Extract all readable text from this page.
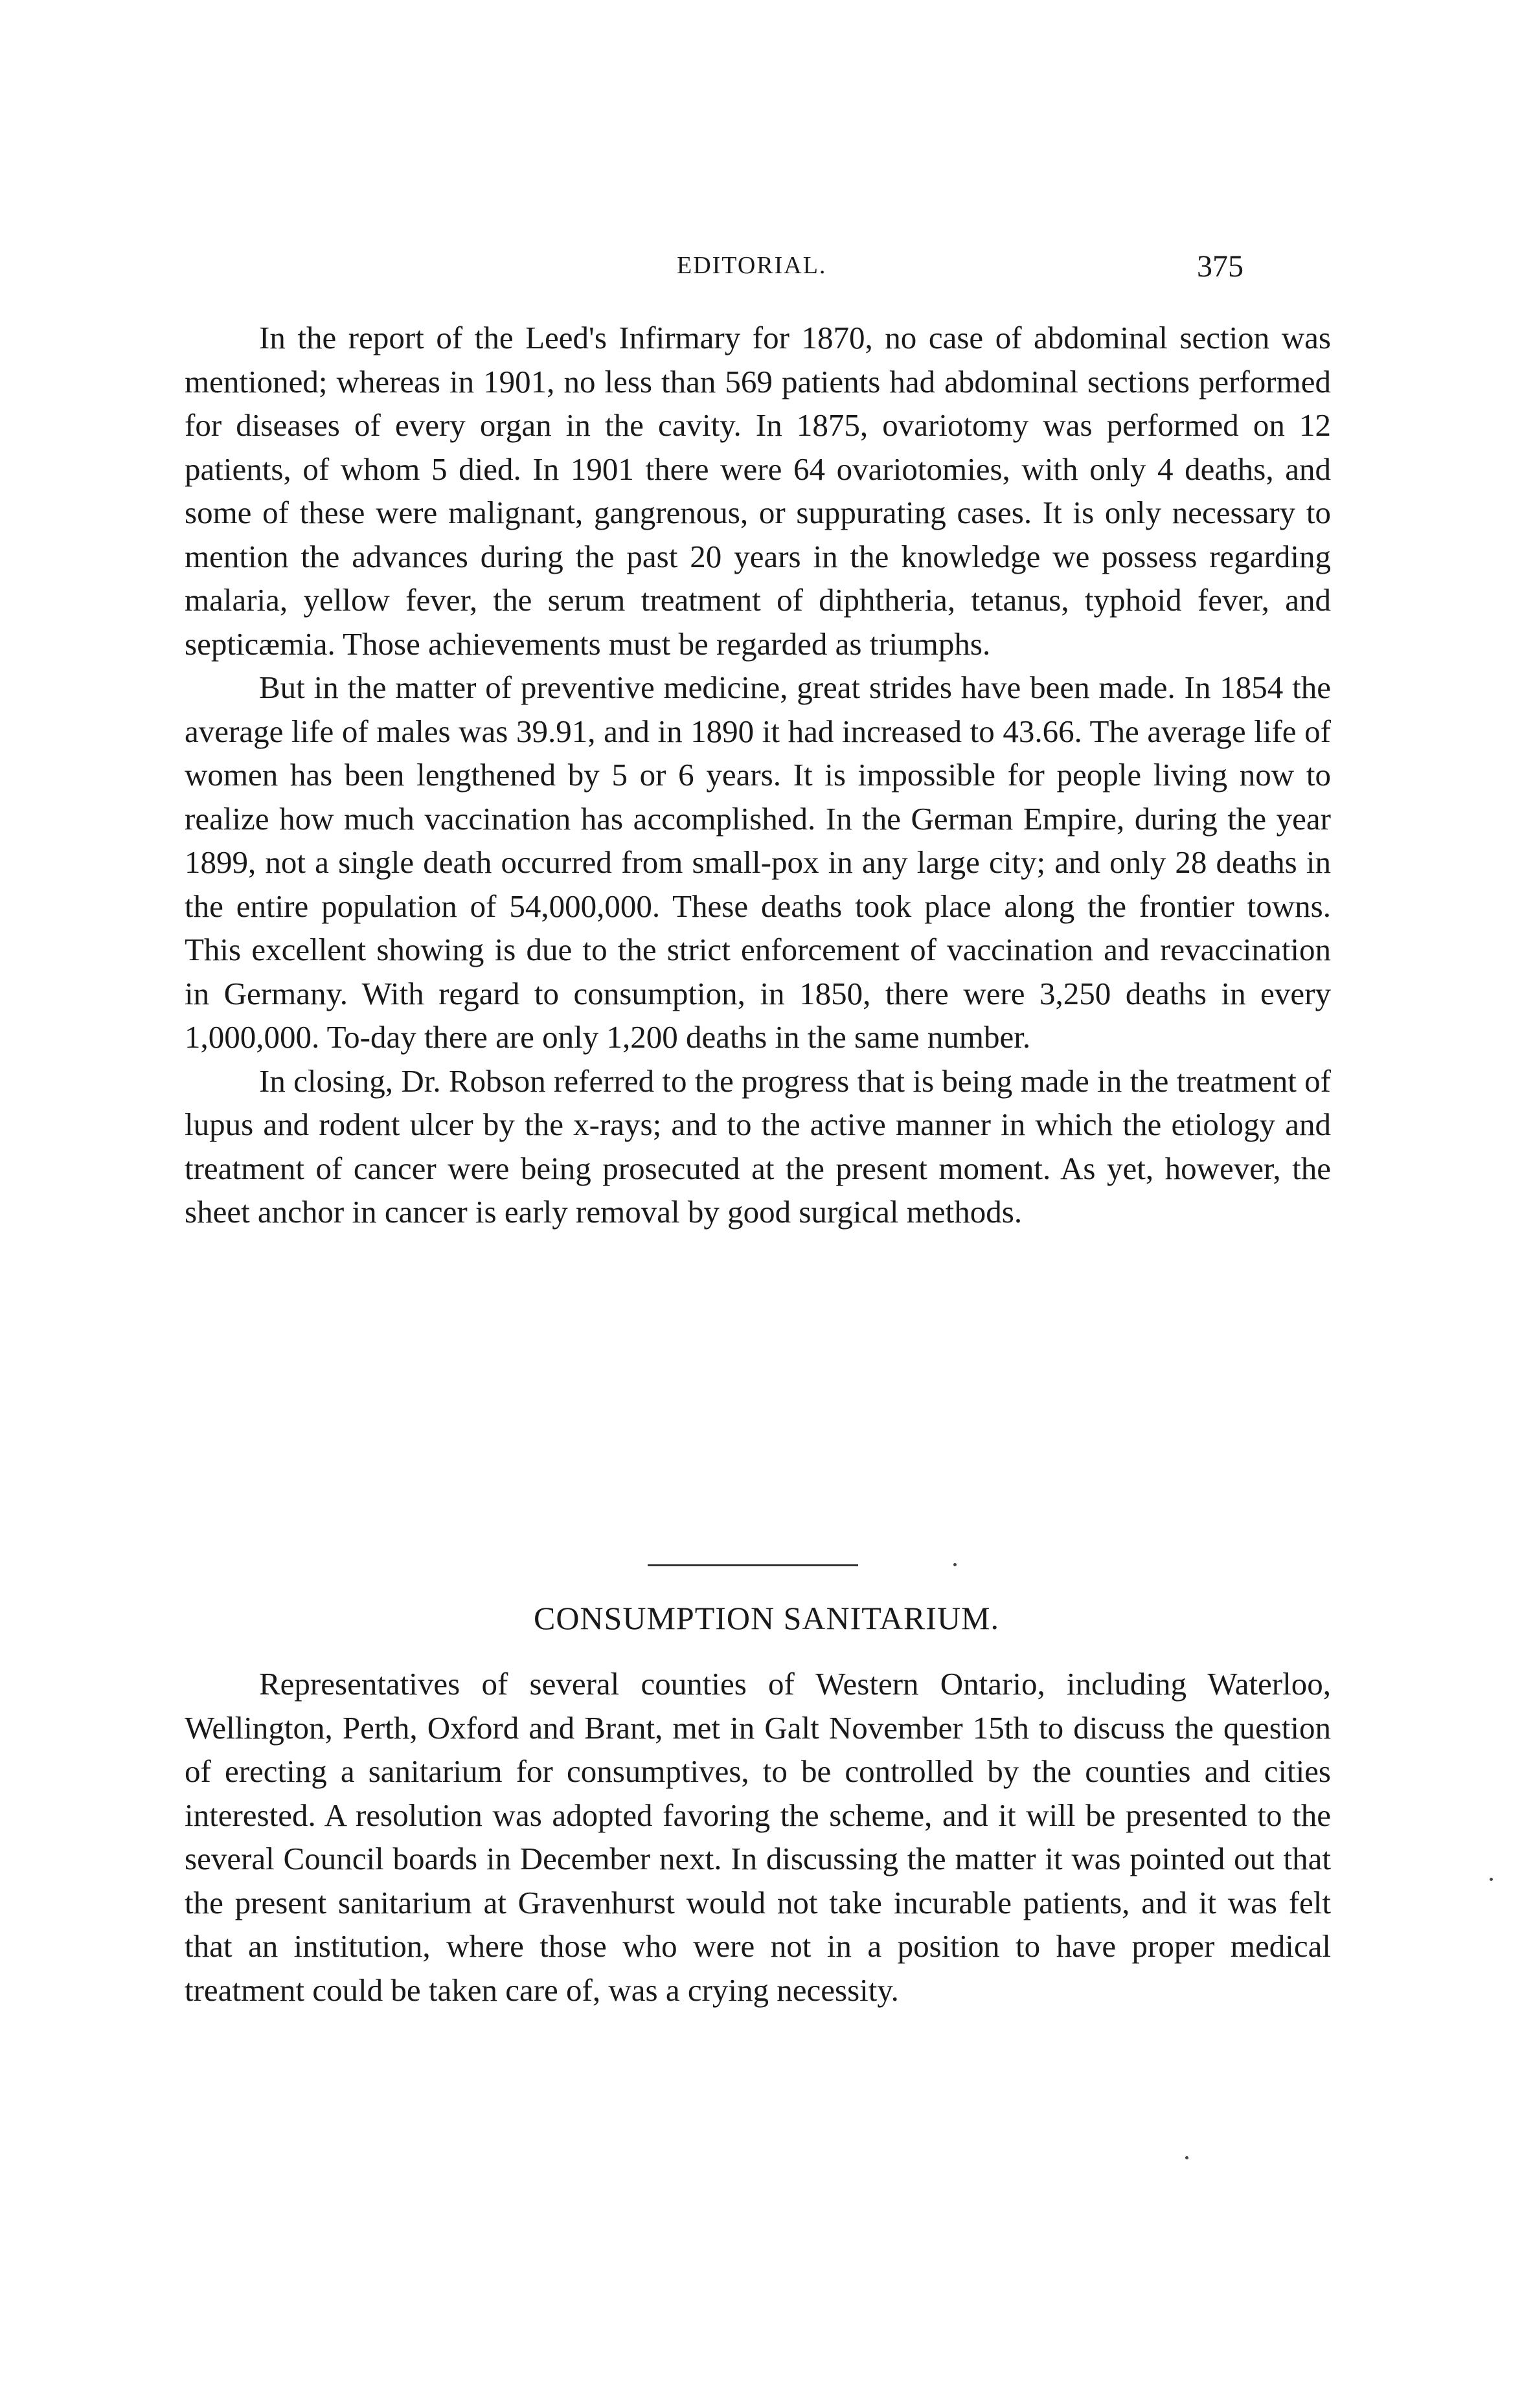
EDITORIAL.	375

In the report of the Leed's Infirmary for 1870, no case of abdominal section was mentioned; whereas in 1901, no less than 569 patients had abdominal sections performed for diseases of every organ in the cavity. In 1875, ovariotomy was performed on 12 patients, of whom 5 died. In 1901 there were 64 ovariotomies, with only 4 deaths, and some of these were malignant, gangrenous, or suppurating cases. It is only necessary to mention the advances during the past 20 years in the knowledge we possess regarding malaria, yellow fever, the serum treatment of diphtheria, tetanus, typhoid fever, and septicæmia. Those achievements must be regarded as triumphs.

But in the matter of preventive medicine, great strides have been made. In 1854 the average life of males was 39.91, and in 1890 it had increased to 43.66. The average life of women has been lengthened by 5 or 6 years. It is impossible for people living now to realize how much vaccination has accomplished. In the German Empire, during the year 1899, not a single death occurred from small-pox in any large city; and only 28 deaths in the entire population of 54,000,000. These deaths took place along the frontier towns. This excellent showing is due to the strict enforcement of vaccination and revaccination in Germany. With regard to consumption, in 1850, there were 3,250 deaths in every 1,000,000. To-day there are only 1,200 deaths in the same number.

In closing, Dr. Robson referred to the progress that is being made in the treatment of lupus and rodent ulcer by the x-rays; and to the active manner in which the etiology and treatment of cancer were being prosecuted at the present moment. As yet, however, the sheet anchor in cancer is early removal by good surgical methods.

CONSUMPTION SANITARIUM.

Representatives of several counties of Western Ontario, including Waterloo, Wellington, Perth, Oxford and Brant, met in Galt November 15th to discuss the question of erecting a sanitarium for consumptives, to be controlled by the counties and cities interested. A resolution was adopted favoring the scheme, and it will be presented to the several Council boards in December next. In discussing the matter it was pointed out that the present sanitarium at Gravenhurst would not take incurable patients, and it was felt that an institution, where those who were not in a position to have proper medical treatment could be taken care of, was a crying necessity.
